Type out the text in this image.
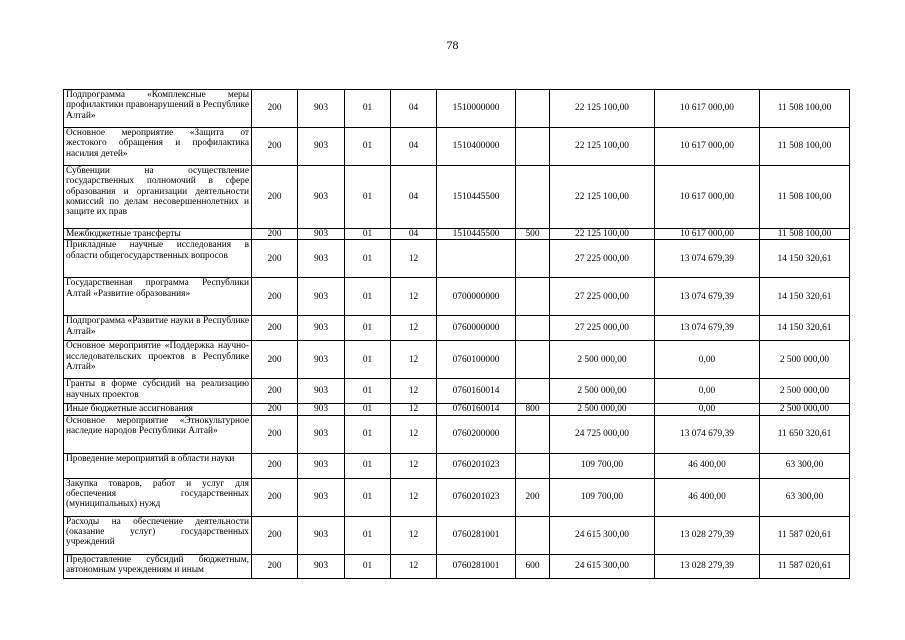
78
Подпрограмма «Комплексные меры профилактики правонарушений в Республике Алтай»	200	903	01	04	1510000000		22 125 100,00	10 617 000,00	11 508 100,00
Основное мероприятие «Защита от жестокого обращения и профилактика насилия детей»	200	903	01	04	1510400000		22 125 100,00	10 617 000,00	11 508 100,00
Субвенции на осуществление государственных полномочий в сфере образования и организации деятельности комиссий по делам несовершеннолетних и защите их прав	200	903	01	04	1510445500		22 125 100,00	10 617 000,00	11 508 100,00
Межбюджетные трансферты	200	903	01	04	1510445500	500	22 125 100,00	10 617 000,00	11 508 100,00
Прикладные научные исследования в области общегосударственных вопросов	200	903	01	12			27 225 000,00	13 074 679,39	14 150 320,61
Государственная программа Республики Алтай «Развитие образования»	200	903	01	12	0700000000		27 225 000,00	13 074 679,39	14 150 320,61
Подпрограмма «Развитие науки в Республике Алтай»	200	903	01	12	0760000000		27 225 000,00	13 074 679,39	14 150 320,61
Основное мероприятие «Поддержка научно-исследовательских проектов в Республике Алтай»	200	903	01	12	0760100000		2 500 000,00	0,00	2 500 000,00
Гранты в форме субсидий на реализацию научных проектов	200	903	01	12	0760160014		2 500 000,00	0,00	2 500 000,00
Иные бюджетные ассигнования	200	903	01	12	0760160014	800	2 500 000,00	0,00	2 500 000,00
Основное мероприятие «Этнокультурное наследие народов Республики Алтай»	200	903	01	12	0760200000		24 725 000,00	13 074 679,39	11 650 320,61
Проведение мероприятий в области науки	200	903	01	12	0760201023		109 700,00	46 400,00	63 300,00
Закупка товаров, работ и услуг для обеспечения государственных (муниципальных) нужд	200	903	01	12	0760201023	200	109 700,00	46 400,00	63 300,00
Расходы на обеспечение деятельности (оказание услуг) государственных учреждений	200	903	01	12	0760281001		24 615 300,00	13 028 279,39	11 587 020,61
Предоставление субсидий бюджетным, автономным учреждениям и иным	200	903	01	12	0760281001	600	24 615 300,00	13 028 279,39	11 587 020,61
